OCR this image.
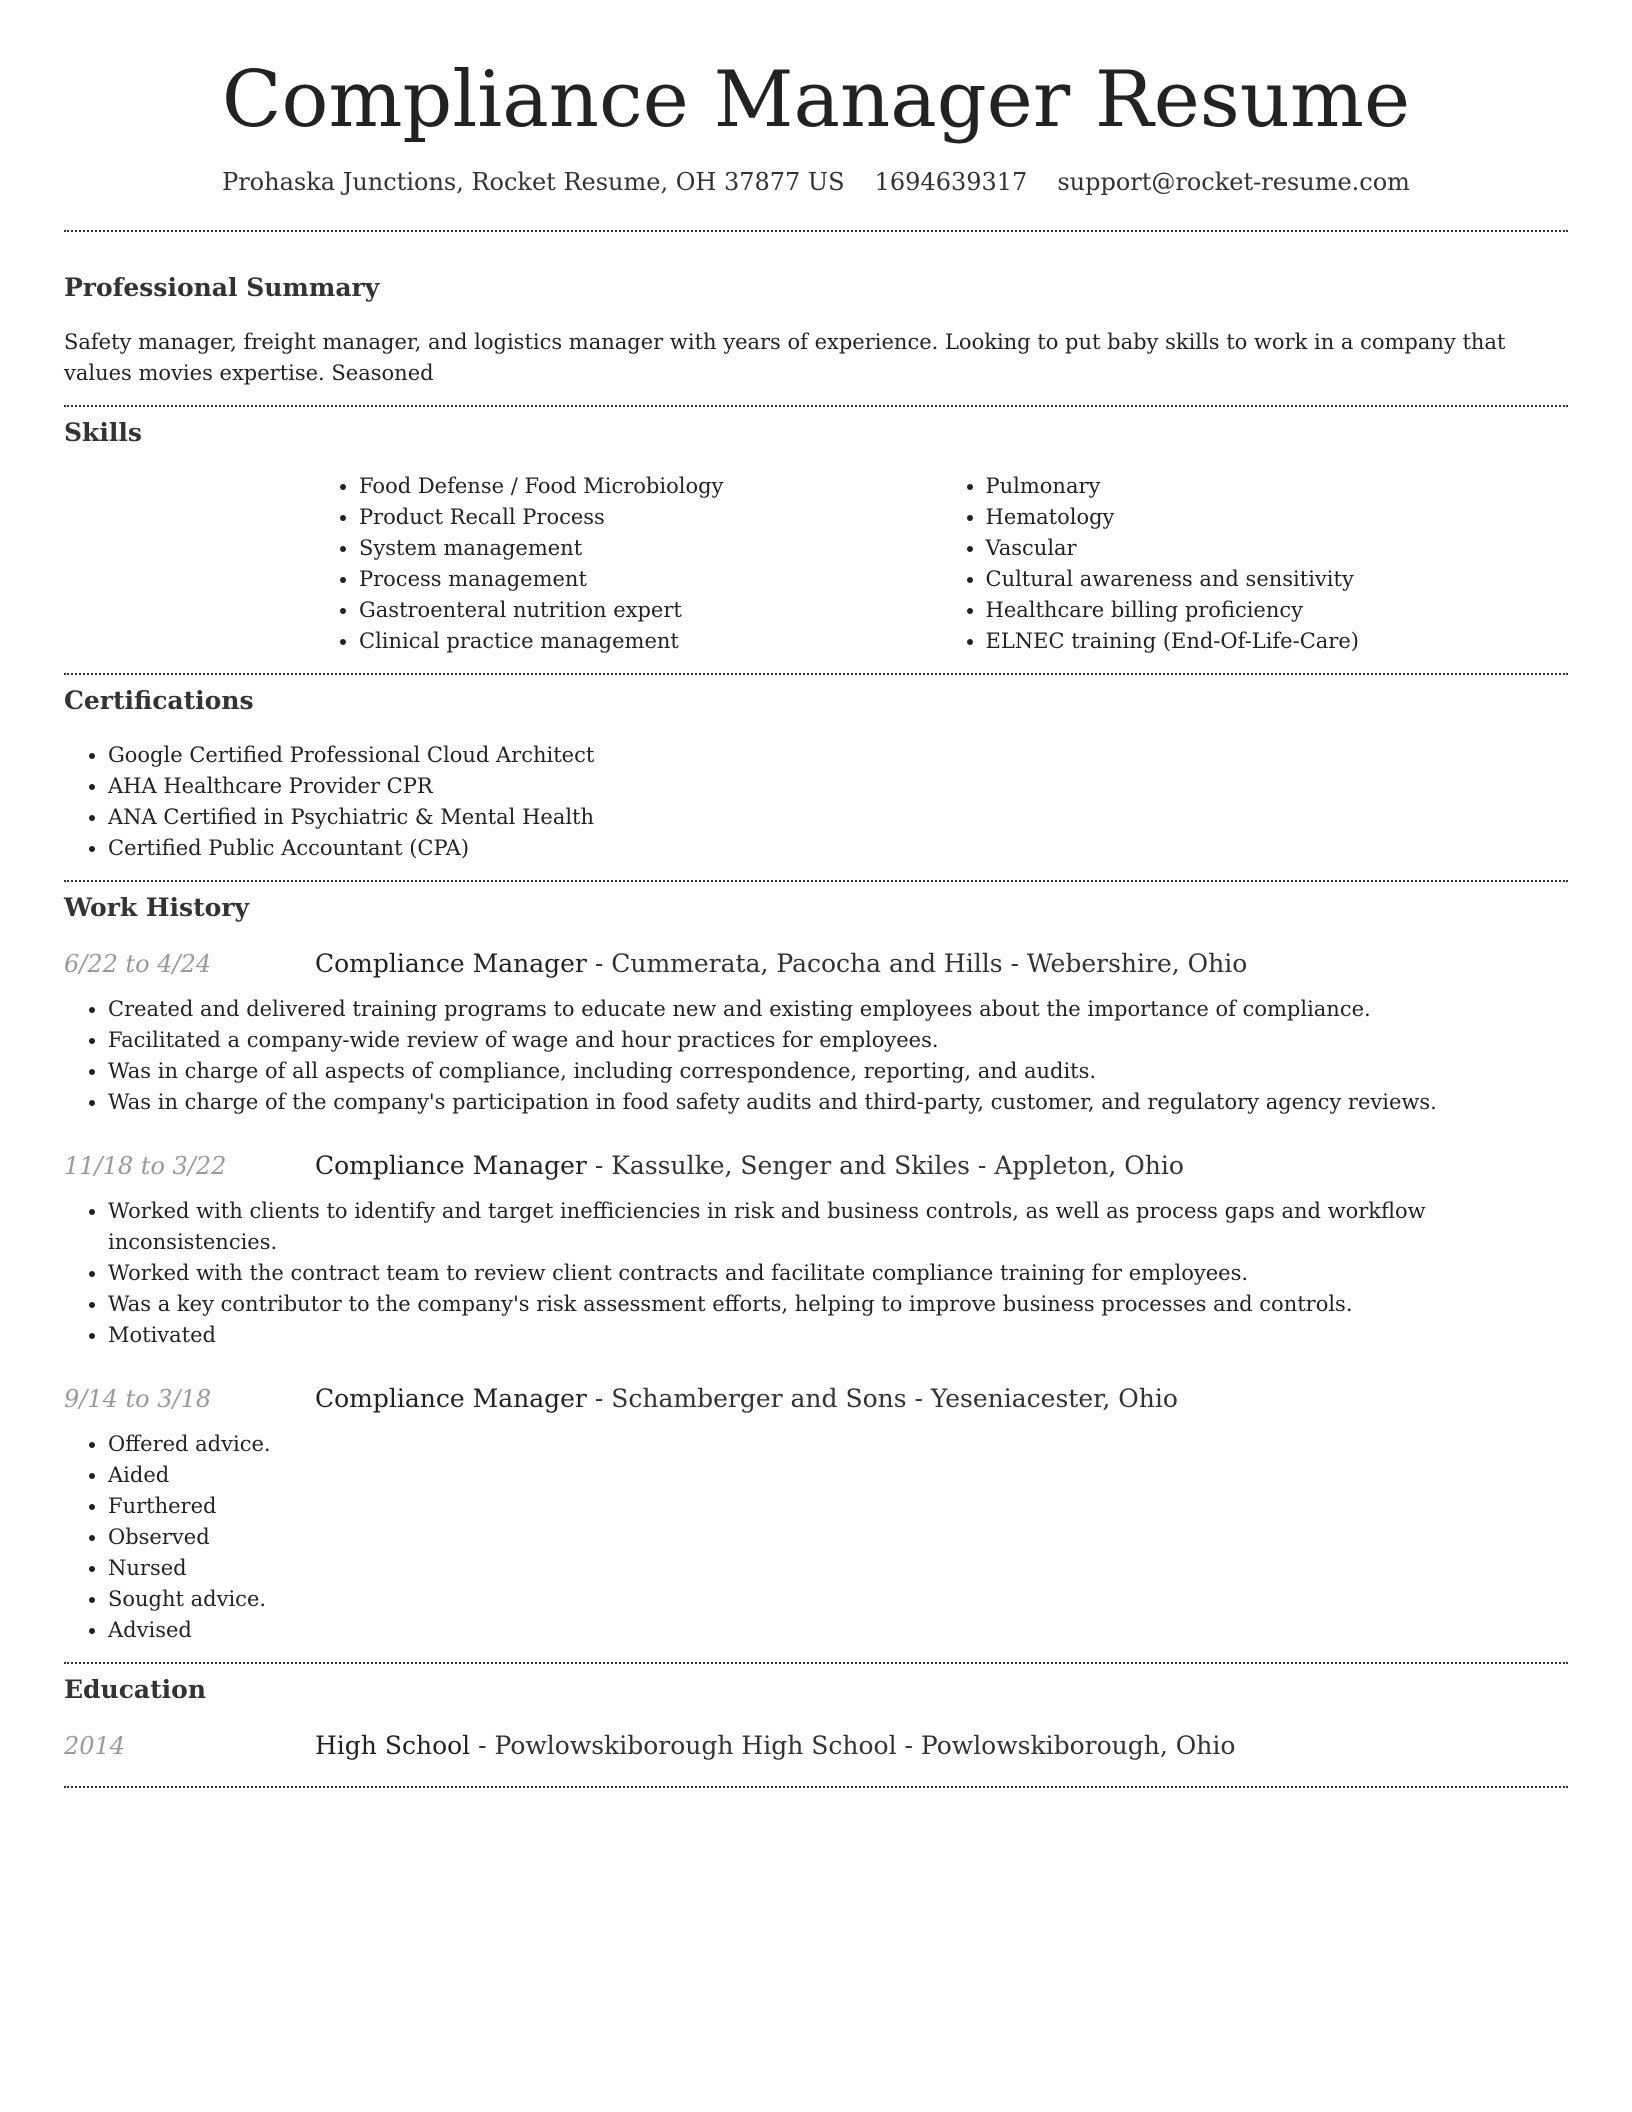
Compliance Manager Resume
Prohaska Junctions, Rocket Resume, OH 37877 US 1694639317 support@rocket-resume.com
Professional Summary

Safety manager, freight manager, and logistics manager with years of experience. Looking to put baby skills to work in a company that values movies expertise. Seasoned

Skills
• Food Defense / Food Microbiology
• Product Recall Process
• System management
• Process management
• Gastroenteral nutrition expert
• Clinical practice management
• Pulmonary
• Hematology
• Vascular
• Cultural awareness and sensitivity
• Healthcare billing proficiency
• ELNEC training (End-Of-Life-Care)
Certifications
• Google Certified Professional Cloud Architect
• AHA Healthcare Provider CPR
• ANA Certified in Psychiatric & Mental Health
• Certified Public Accountant (CPA)
Work History
6/22 to 4/24	Compliance Manager - Cummerata, Pacocha and Hills - Webershire, Ohio
• Created and delivered training programs to educate new and existing employees about the importance of compliance.
• Facilitated a company-wide review of wage and hour practices for employees.
• Was in charge of all aspects of compliance, including correspondence, reporting, and audits.
• Was in charge of the company's participation in food safety audits and third-party, customer, and regulatory agency reviews.
11/18 to 3/22	Compliance Manager - Kassulke, Senger and Skiles - Appleton, Ohio
• Worked with clients to identify and target inefficiencies in risk and business controls, as well as process gaps and workflow inconsistencies.
• Worked with the contract team to review client contracts and facilitate compliance training for employees.
• Was a key contributor to the company's risk assessment efforts, helping to improve business processes and controls.
• Motivated
9/14 to 3/18	Compliance Manager - Schamberger and Sons - Yeseniacester, Ohio
• Offered advice.
• Aided
• Furthered
• Observed
• Nursed
• Sought advice.
• Advised
Education
2014	High School - Powlowskiborough High School - Powlowskiborough, Ohio
